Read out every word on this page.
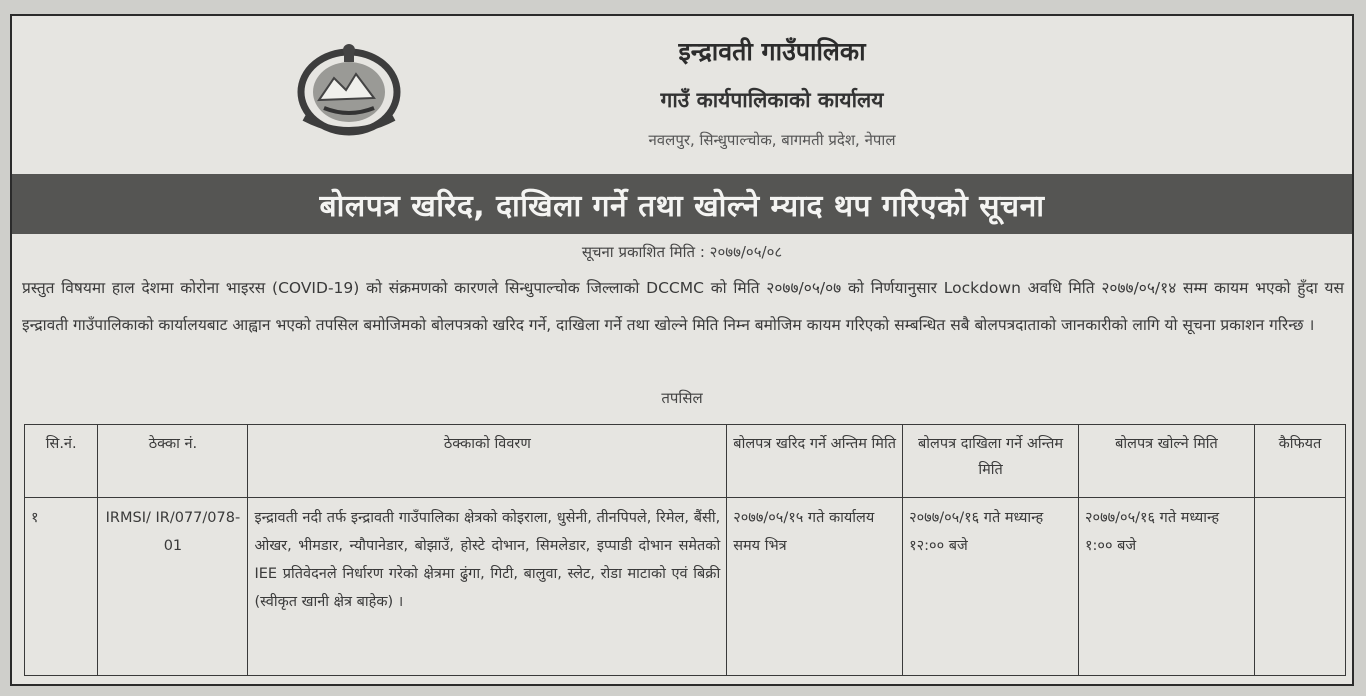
इन्द्रावती गाउँपालिका
गाउँ कार्यपालिकाको कार्यालय
नवलपुर, सिन्धुपाल्चोक, बागमती प्रदेश, नेपाल
बोलपत्र खरिद, दाखिला गर्ने तथा खोल्ने म्याद थप गरिएको सूचना
सूचना प्रकाशित मिति : २०७७/०५/०८
प्रस्तुत विषयमा हाल देशमा कोरोना भाइरस (COVID-19) को संक्रमणको कारणले सिन्धुपाल्चोक जिल्लाको DCCMC को मिति २०७७/०५/०७ को निर्णयानुसार Lockdown अवधि मिति २०७७/०५/१४ सम्म कायम भएको हुँदा यस इन्द्रावती गाउँपालिकाको कार्यालयबाट आह्वान भएको तपसिल बमोजिमको बोलपत्रको खरिद गर्ने, दाखिला गर्ने तथा खोल्ने मिति निम्न बमोजिम कायम गरिएको सम्बन्धित सबै बोलपत्रदाताको जानकारीको लागि यो सूचना प्रकाशन गरिन्छ ।
तपसिल
सि.नं.	ठेक्का नं.	ठेक्काको विवरण	बोलपत्र खरिद गर्ने अन्तिम मिति	बोलपत्र दाखिला गर्ने अन्तिम मिति	बोलपत्र खोल्ने मिति	कैफियत
१	IRMSI/ IR/077/078- 01	इन्द्रावती नदी तर्फ इन्द्रावती गाउँपालिका क्षेत्रको कोइराला, धुसेनी, तीनपिपले, रिमेल, बैंसी, ओखर, भीमडार, न्यौपानेडार, बोझाउँ, होस्टे दोभान, सिमलेडार, इप्पाडी दोभान समेतको IEE प्रतिवेदनले निर्धारण गरेको क्षेत्रमा ढुंगा, गिटी, बालुवा, स्लेट, रोडा माटाको एवं बिक्री (स्वीकृत खानी क्षेत्र बाहेक) ।	२०७७/०५/१५ गते कार्यालय समय भित्र	२०७७/०५/१६ गते मध्यान्ह १२:०० बजे	२०७७/०५/१६ गते मध्यान्ह १:०० बजे	
